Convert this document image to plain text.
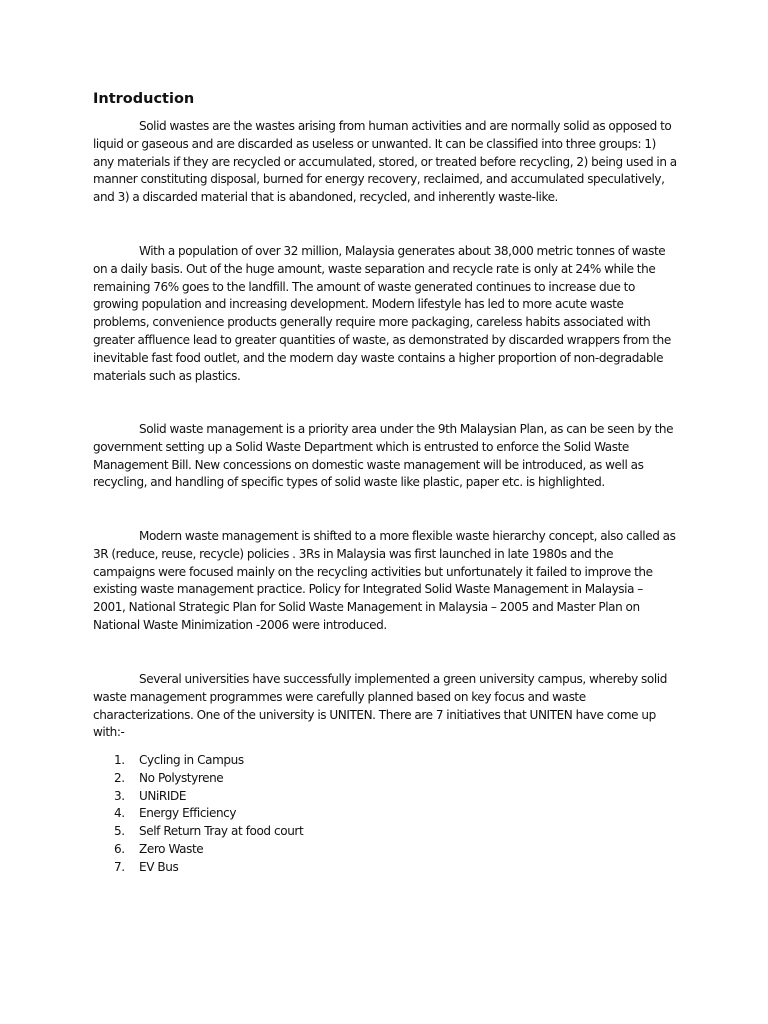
Introduction

Solid wastes are the wastes arising from human activities and are normally solid as opposed to liquid or gaseous and are discarded as useless or unwanted. It can be classified into three groups: 1) any materials if they are recycled or accumulated, stored, or treated before recycling, 2) being used in a manner constituting disposal, burned for energy recovery, reclaimed, and accumulated speculatively, and 3) a discarded material that is abandoned, recycled, and inherently waste-like.

With a population of over 32 million, Malaysia generates about 38,000 metric tonnes of waste on a daily basis. Out of the huge amount, waste separation and recycle rate is only at 24% while the remaining 76% goes to the landfill. The amount of waste generated continues to increase due to growing population and increasing development. Modern lifestyle has led to more acute waste problems, convenience products generally require more packaging, careless habits associated with greater affluence lead to greater quantities of waste, as demonstrated by discarded wrappers from the inevitable fast food outlet, and the modern day waste contains a higher proportion of non-degradable materials such as plastics.

Solid waste management is a priority area under the 9th Malaysian Plan, as can be seen by the government setting up a Solid Waste Department which is entrusted to enforce the Solid Waste Management Bill. New concessions on domestic waste management will be introduced, as well as recycling, and handling of specific types of solid waste like plastic, paper etc. is highlighted.

Modern waste management is shifted to a more flexible waste hierarchy concept, also called as 3R (reduce, reuse, recycle) policies . 3Rs in Malaysia was first launched in late 1980s and the campaigns were focused mainly on the recycling activities but unfortunately it failed to improve the existing waste management practice. Policy for Integrated Solid Waste Management in Malaysia – 2001, National Strategic Plan for Solid Waste Management in Malaysia – 2005 and Master Plan on National Waste Minimization -2006 were introduced.

Several universities have successfully implemented a green university campus, whereby solid waste management programmes were carefully planned based on key focus and waste characterizations. One of the university is UNITEN. There are 7 initiatives that UNITEN have come up with:-

1. Cycling in Campus
2. No Polystyrene
3. UNiRIDE
4. Energy Efficiency
5. Self Return Tray at food court
6. Zero Waste
7. EV Bus
